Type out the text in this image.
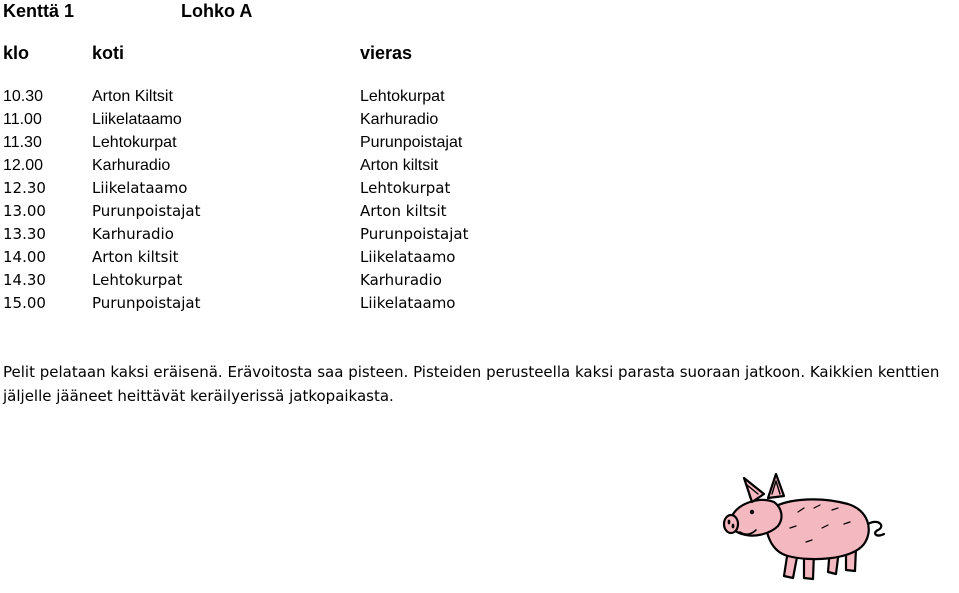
Kenttä 1	Lohko A
klo	koti	vieras
10.30	Arton Kiltsit	Lehtokurpat
11.00	Liikelataamo	Karhuradio
11.30	Lehtokurpat	Purunpoistajat
12.00	Karhuradio	Arton kiltsit
12.30	Liikelataamo	Lehtokurpat
13.00	Purunpoistajat	Arton kiltsit
13.30	Karhuradio	Purunpoistajat
14.00	Arton kiltsit	Liikelataamo
14.30	Lehtokurpat	Karhuradio
15.00	Purunpoistajat	Liikelataamo
Pelit pelataan kaksi eräisenä. Erävoitosta saa pisteen. Pisteiden perusteella kaksi parasta suoraan jatkoon. Kaikkien kenttien jäljelle jääneet heittävät keräilyerissä jatkopaikasta.
